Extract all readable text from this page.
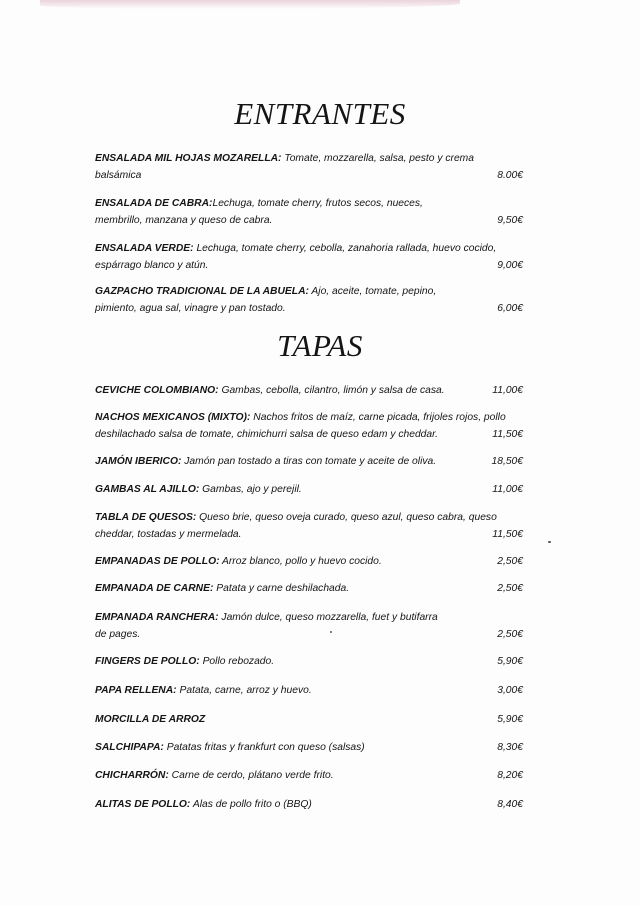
ENTRANTES
ENSALADA MIL HOJAS MOZARELLA: Tomate, mozzarella, salsa, pesto y crema
balsámica	8.00€
ENSALADA DE CABRA:Lechuga, tomate cherry, frutos secos, nueces,
membrillo, manzana y queso de cabra.	9,50€
ENSALADA VERDE: Lechuga, tomate cherry, cebolla, zanahoria rallada, huevo cocido,
espárrago blanco y atún.	9,00€
GAZPACHO TRADICIONAL DE LA ABUELA: Ajo, aceite, tomate, pepino,
pimiento, agua sal, vinagre y pan tostado.	6,00€
TAPAS
CEVICHE COLOMBIANO: Gambas, cebolla, cilantro, limón y salsa de casa.	11,00€
NACHOS MEXICANOS (MIXTO): Nachos fritos de maíz, carne picada, frijoles rojos, pollo
deshilachado salsa de tomate, chimichurri salsa de queso edam y cheddar.	11,50€
JAMÓN IBERICO: Jamón pan tostado a tiras con tomate y aceite de oliva.	18,50€
GAMBAS AL AJILLO: Gambas, ajo y perejil.	11,00€
TABLA DE QUESOS: Queso brie, queso oveja curado, queso azul, queso cabra, queso
cheddar, tostadas y mermelada.	11,50€
EMPANADAS DE POLLO: Arroz blanco, pollo y huevo cocido.	2,50€
EMPANADA DE CARNE: Patata y carne deshilachada.	2,50€
EMPANADA RANCHERA: Jamón dulce, queso mozzarella, fuet y butifarra
de pages.	2,50€
FINGERS DE POLLO: Pollo rebozado.	5,90€
PAPA RELLENA: Patata, carne, arroz y huevo.	3,00€
MORCILLA DE ARROZ	5,90€
SALCHIPAPA: Patatas fritas y frankfurt con queso (salsas)	8,30€
CHICHARRÓN: Carne de cerdo, plátano verde frito.	8,20€
ALITAS DE POLLO: Alas de pollo frito o (BBQ)	8,40€
